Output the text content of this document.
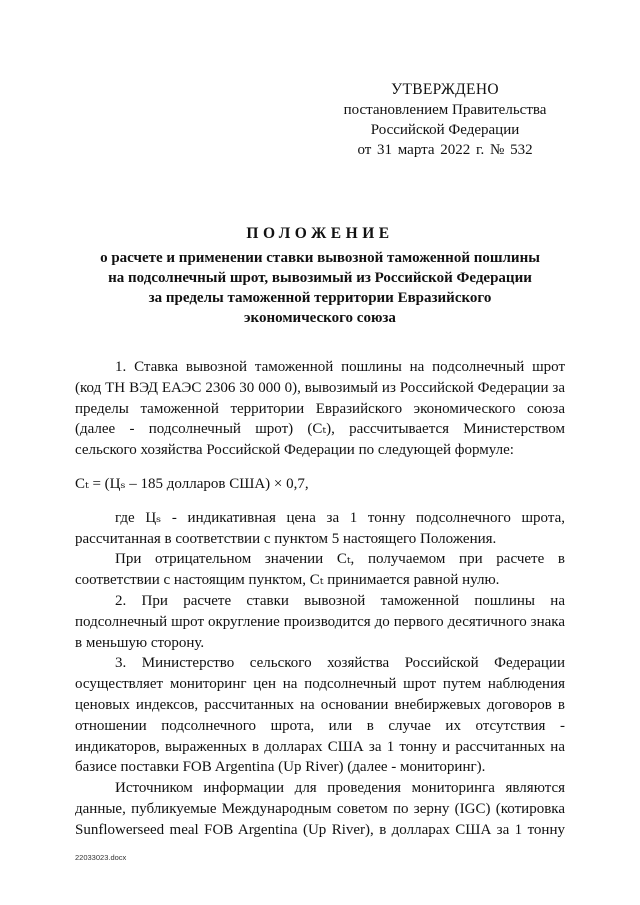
УТВЕРЖДЕНО
постановлением Правительства
Российской Федерации
от 31 марта 2022 г. № 532
ПОЛОЖЕНИЕ
о расчете и применении ставки вывозной таможенной пошлины
на подсолнечный шрот, вывозимый из Российской Федерации
за пределы таможенной территории Евразийского
экономического союза

1. Ставка вывозной таможенной пошлины на подсолнечный шрот (код ТН ВЭД ЕАЭС 2306 30 000 0), вывозимый из Российской Федерации за пределы таможенной территории Евразийского экономического союза (далее - подсолнечный шрот) (Сₜ), рассчитывается Министерством сельского хозяйства Российской Федерации по следующей формуле:

Сₜ = (Цₛ – 185 долларов США) × 0,7,

где Цₛ - индикативная цена за 1 тонну подсолнечного шрота, рассчитанная в соответствии с пунктом 5 настоящего Положения.

При отрицательном значении Сₜ, получаемом при расчете в соответствии с настоящим пунктом, Сₜ принимается равной нулю.

2. При расчете ставки вывозной таможенной пошлины на подсолнечный шрот округление производится до первого десятичного знака в меньшую сторону.

3. Министерство сельского хозяйства Российской Федерации осуществляет мониторинг цен на подсолнечный шрот путем наблюдения ценовых индексов, рассчитанных на основании внебиржевых договоров в отношении подсолнечного шрота, или в случае их отсутствия - индикаторов, выраженных в долларах США за 1 тонну и рассчитанных на базисе поставки FOB Argentina (Up River) (далее - мониторинг).

Источником информации для проведения мониторинга являются данные, публикуемые Международным советом по зерну (IGC) (котировка Sunflowerseed meal FOB Argentina (Up River), в долларах США за 1 тонну

22033023.docx
